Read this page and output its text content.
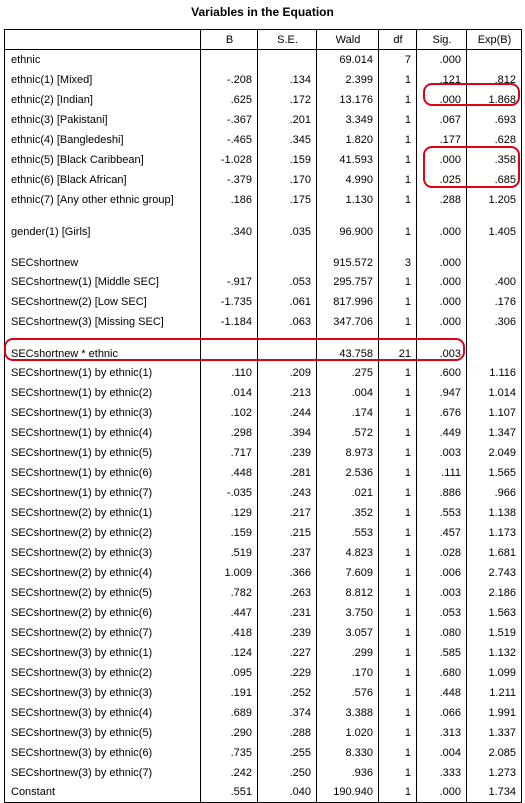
Variables in the Equation
	B	S.E.	Wald	df	Sig.	Exp(B)
ethnic			69.014	7	.000	
ethnic(1) [Mixed]	-.208	.134	2.399	1	.121	.812
ethnic(2) [Indian]	.625	.172	13.176	1	.000	1.868
ethnic(3) [Pakistani]	-.367	.201	3.349	1	.067	.693
ethnic(4) [Bangledeshi]	-.465	.345	1.820	1	.177	.628
ethnic(5) [Black Caribbean]	-1.028	.159	41.593	1	.000	.358
ethnic(6) [Black African]	-.379	.170	4.990	1	.025	.685
ethnic(7) [Any other ethnic group]	.186	.175	1.130	1	.288	1.205
gender(1) [Girls]	.340	.035	96.900	1	.000	1.405
SECshortnew			915.572	3	.000	
SECshortnew(1) [Middle SEC]	-.917	.053	295.757	1	.000	.400
SECshortnew(2) [Low SEC]	-1.735	.061	817.996	1	.000	.176
SECshortnew(3) [Missing SEC]	-1.184	.063	347.706	1	.000	.306
SECshortnew * ethnic			43.758	21	.003	
SECshortnew(1) by ethnic(1)	.110	.209	.275	1	.600	1.116
SECshortnew(1) by ethnic(2)	.014	.213	.004	1	.947	1.014
SECshortnew(1) by ethnic(3)	.102	.244	.174	1	.676	1.107
SECshortnew(1) by ethnic(4)	.298	.394	.572	1	.449	1.347
SECshortnew(1) by ethnic(5)	.717	.239	8.973	1	.003	2.049
SECshortnew(1) by ethnic(6)	.448	.281	2.536	1	.111	1.565
SECshortnew(1) by ethnic(7)	-.035	.243	.021	1	.886	.966
SECshortnew(2) by ethnic(1)	.129	.217	.352	1	.553	1.138
SECshortnew(2) by ethnic(2)	.159	.215	.553	1	.457	1.173
SECshortnew(2) by ethnic(3)	.519	.237	4.823	1	.028	1.681
SECshortnew(2) by ethnic(4)	1.009	.366	7.609	1	.006	2.743
SECshortnew(2) by ethnic(5)	.782	.263	8.812	1	.003	2.186
SECshortnew(2) by ethnic(6)	.447	.231	3.750	1	.053	1.563
SECshortnew(2) by ethnic(7)	.418	.239	3.057	1	.080	1.519
SECshortnew(3) by ethnic(1)	.124	.227	.299	1	.585	1.132
SECshortnew(3) by ethnic(2)	.095	.229	.170	1	.680	1.099
SECshortnew(3) by ethnic(3)	.191	.252	.576	1	.448	1.211
SECshortnew(3) by ethnic(4)	.689	.374	3.388	1	.066	1.991
SECshortnew(3) by ethnic(5)	.290	.288	1.020	1	.313	1.337
SECshortnew(3) by ethnic(6)	.735	.255	8.330	1	.004	2.085
SECshortnew(3) by ethnic(7)	.242	.250	.936	1	.333	1.273
Constant	.551	.040	190.940	1	.000	1.734
